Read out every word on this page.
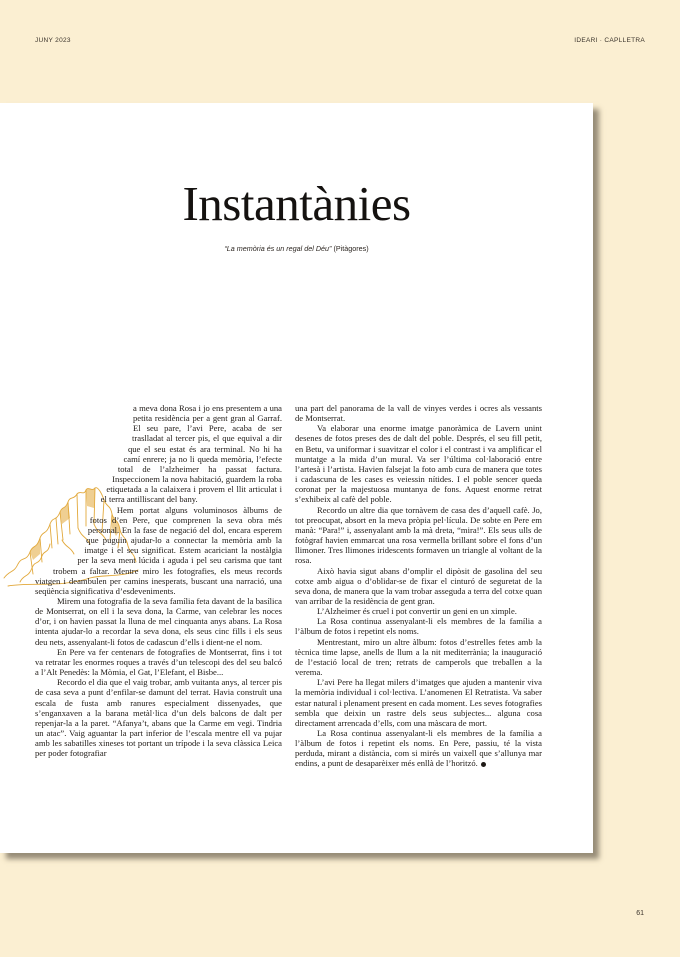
JUNY 2023	IDEARI · CAPLLETRA
Instantànies
“La memòria és un regal del Déu” (Pitàgores)

a meva dona Rosa i jo ens presentem a una petita residència per a gent gran al Garraf. El seu pare, l’avi Pere, acaba de ser traslladat al tercer pis, el que equival a dir que el seu estat és ara terminal. No hi ha camí enrere; ja no li queda memòria, l’efecte total de l’alzheimer ha passat factura. Inspeccionem la nova habitació, guardem la roba etiquetada a la calaixera i provem el llit articulat i el terra antilliscant del bany.

Hem portat alguns voluminosos àlbums de fotos d’en Pere, que comprenen la seva obra més personal. En la fase de negació del dol, encara esperem que puguin ajudar-lo a connectar la memòria amb la imatge i el seu significat. Estem acariciant la nostàlgia per la seva ment lúcida i aguda i pel seu carisma que tant trobem a faltar. Mentre miro les fotografies, els meus records viatgen i deambulen per camins inesperats, buscant una narració, una seqüència significativa d’esdeveniments.

Mirem una fotografia de la seva família feta davant de la basílica de Montserrat, on ell i la seva dona, la Carme, van celebrar les noces d’or, i on havien passat la lluna de mel cinquanta anys abans. La Rosa intenta ajudar-lo a recordar la seva dona, els seus cinc fills i els seus deu nets, assenyalant-li fotos de cadascun d’ells i dient-ne el nom.

En Pere va fer centenars de fotografies de Montserrat, fins i tot va retratar les enormes roques a través d’un telescopi des del seu balcó a l’Alt Penedès: la Mòmia, el Gat, l’Elefant, el Bisbe...

Recordo el dia que el vaig trobar, amb vuitanta anys, al tercer pis de casa seva a punt d’enfilar-se damunt del terrat. Havia construït una escala de fusta amb ranures especialment dissenyades, que s’enganxaven a la barana metàl·lica d’un dels balcons de dalt per repenjar-la a la paret. “Afanya’t, abans que la Carme em vegi. Tindria un atac”. Vaig aguantar la part inferior de l’escala mentre ell va pujar amb les sabatilles xineses tot portant un trípode i la seva clàssica Leica per poder fotografiar

una part del panorama de la vall de vinyes verdes i ocres als vessants de Montserrat.

Va elaborar una enorme imatge panoràmica de Lavern unint desenes de fotos preses des de dalt del poble. Després, el seu fill petit, en Betu, va uniformar i suavitzar el color i el contrast i va amplificar el muntatge a la mida d’un mural. Va ser l’última col·laboració entre l’artesà i l’artista. Havien falsejat la foto amb cura de manera que totes i cadascuna de les cases es veiessin nítides. I el poble sencer queda coronat per la majestuosa muntanya de fons. Aquest enorme retrat s’exhibeix al cafè del poble.

Recordo un altre dia que tornàvem de casa des d’aquell cafè. Jo, tot preocupat, absort en la meva pròpia pel·lícula. De sobte en Pere em manà: “Para!” i, assenyalant amb la mà dreta, “mira!”. Els seus ulls de fotògraf havien emmarcat una rosa vermella brillant sobre el fons d’un llimoner. Tres llimones iridescents formaven un triangle al voltant de la rosa.

Això havia sigut abans d’omplir el dipòsit de gasolina del seu cotxe amb aigua o d’oblidar-se de fixar el cinturó de seguretat de la seva dona, de manera que la vam trobar asseguda a terra del cotxe quan van arribar de la residència de gent gran.

L’Alzheimer és cruel i pot convertir un geni en un ximple.

La Rosa continua assenyalant-li els membres de la família a l’àlbum de fotos i repetint els noms.

Mentrestant, miro un altre àlbum: fotos d’estrelles fetes amb la tècnica time lapse, anells de llum a la nit mediterrània; la inauguració de l’estació local de tren; retrats de camperols que treballen a la verema.

L’avi Pere ha llegat milers d’imatges que ajuden a mantenir viva la memòria individual i col·lectiva. L’anomenen El Retratista. Va saber estar natural i plenament present en cada moment. Les seves fotografies sembla que deixin un rastre dels seus subjectes... alguna cosa directament arrencada d’ells, com una màscara de mort.

La Rosa continua assenyalant-li els membres de la família a l’àlbum de fotos i repetint els noms. En Pere, passiu, té la vista perduda, mirant a distància, com si mirés un vaixell que s’allunya mar endins, a punt de desaparèixer més enllà de l’horitzó.

61
